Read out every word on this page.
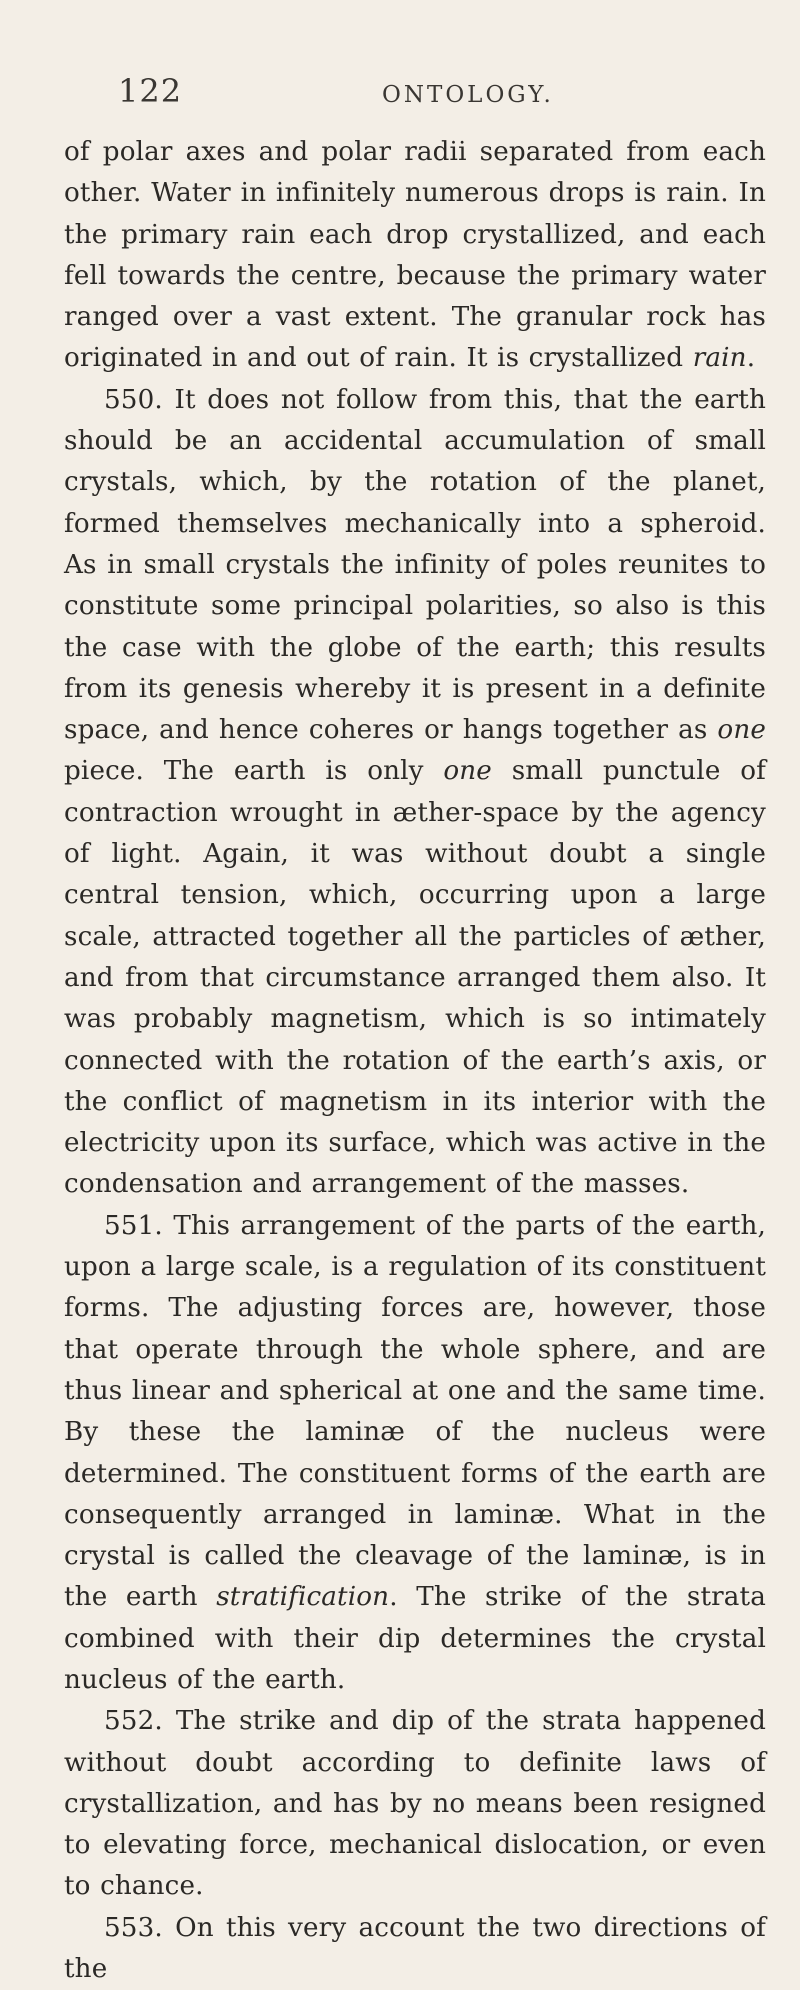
122	ONTOLOGY.

of polar axes and polar radii separated from each other. Water in infinitely numerous drops is rain. In the primary rain each drop crystallized, and each fell towards the centre, because the primary water ranged over a vast extent. The granular rock has originated in and out of rain. It is crystallized rain.

550. It does not follow from this, that the earth should be an accidental accumulation of small crystals, which, by the rotation of the planet, formed themselves mechanically into a spheroid. As in small crystals the infinity of poles reunites to constitute some principal polarities, so also is this the case with the globe of the earth; this results from its genesis whereby it is present in a definite space, and hence coheres or hangs together as one piece. The earth is only one small punctule of contraction wrought in æther-space by the agency of light. Again, it was without doubt a single central tension, which, occurring upon a large scale, attracted together all the particles of æther, and from that circumstance arranged them also. It was probably magnetism, which is so intimately connected with the rotation of the earth’s axis, or the conflict of magnetism in its interior with the electricity upon its surface, which was active in the condensation and arrangement of the masses.

551. This arrangement of the parts of the earth, upon a large scale, is a regulation of its constituent forms. The adjusting forces are, however, those that operate through the whole sphere, and are thus linear and spherical at one and the same time. By these the laminæ of the nucleus were determined. The constituent forms of the earth are consequently arranged in laminæ. What in the crystal is called the cleavage of the laminæ, is in the earth stratification. The strike of the strata combined with their dip determines the crystal nucleus of the earth.

552. The strike and dip of the strata happened without doubt according to definite laws of crystallization, and has by no means been resigned to elevating force, mechanical dislocation, or even to chance.

553. On this very account the two directions of the
